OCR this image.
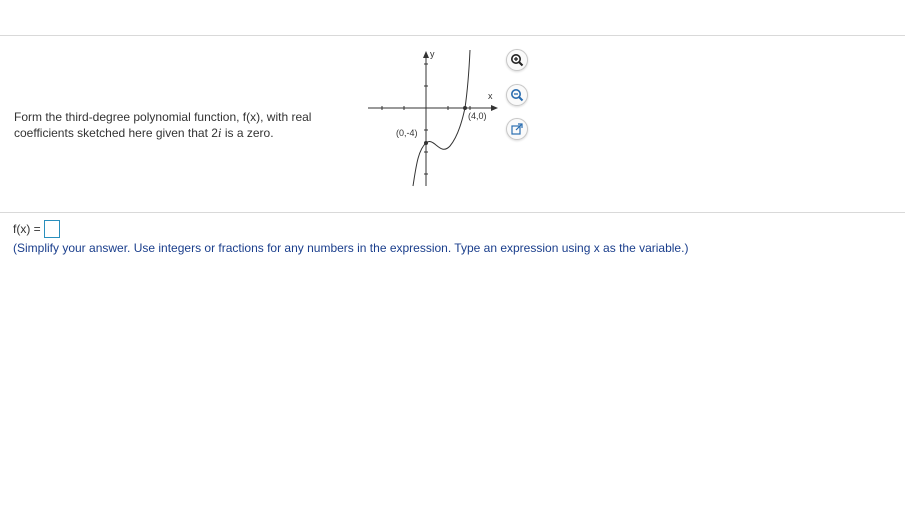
Form the third-degree polynomial function, f(x), with real
coefficients sketched here given that 2i is a zero.
y
x
(4,0)
(0,-4)
f(x) =
(Simplify your answer. Use integers or fractions for any numbers in the expression. Type an expression using x as the variable.)
